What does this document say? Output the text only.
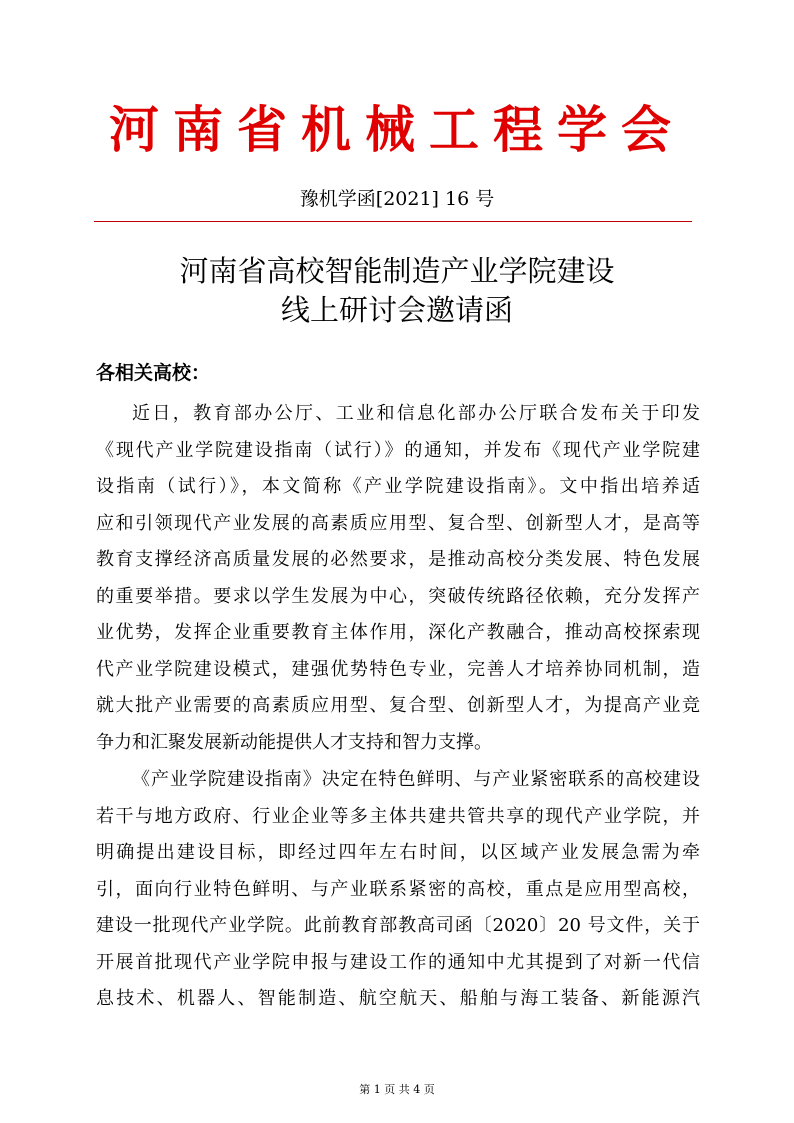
河南省机械工程学会
豫机学函[2021] 16 号
河南省高校智能制造产业学院建设
线上研讨会邀请函
各相关高校：
近日，教育部办公厅、工业和信息化部办公厅联合发布关于印发
《现代产业学院建设指南（试行）》的通知，并发布《现代产业学院建
设指南（试行）》，本文简称《产业学院建设指南》。文中指出培养适
应和引领现代产业发展的高素质应用型、复合型、创新型人才，是高等
教育支撑经济高质量发展的必然要求，是推动高校分类发展、特色发展
的重要举措。要求以学生发展为中心，突破传统路径依赖，充分发挥产
业优势，发挥企业重要教育主体作用，深化产教融合，推动高校探索现
代产业学院建设模式，建强优势特色专业，完善人才培养协同机制，造
就大批产业需要的高素质应用型、复合型、创新型人才，为提高产业竞
争力和汇聚发展新动能提供人才支持和智力支撑。
《产业学院建设指南》决定在特色鲜明、与产业紧密联系的高校建设
若干与地方政府、行业企业等多主体共建共管共享的现代产业学院，并
明确提出建设目标，即经过四年左右时间，以区域产业发展急需为牵
引，面向行业特色鲜明、与产业联系紧密的高校，重点是应用型高校，
建设一批现代产业学院。此前教育部教高司函〔2020〕20 号文件，关于
开展首批现代产业学院申报与建设工作的通知中尤其提到了对新一代信
息技术、机器人、智能制造、航空航天、船舶与海工装备、新能源汽
第 1 页 共 4 页
